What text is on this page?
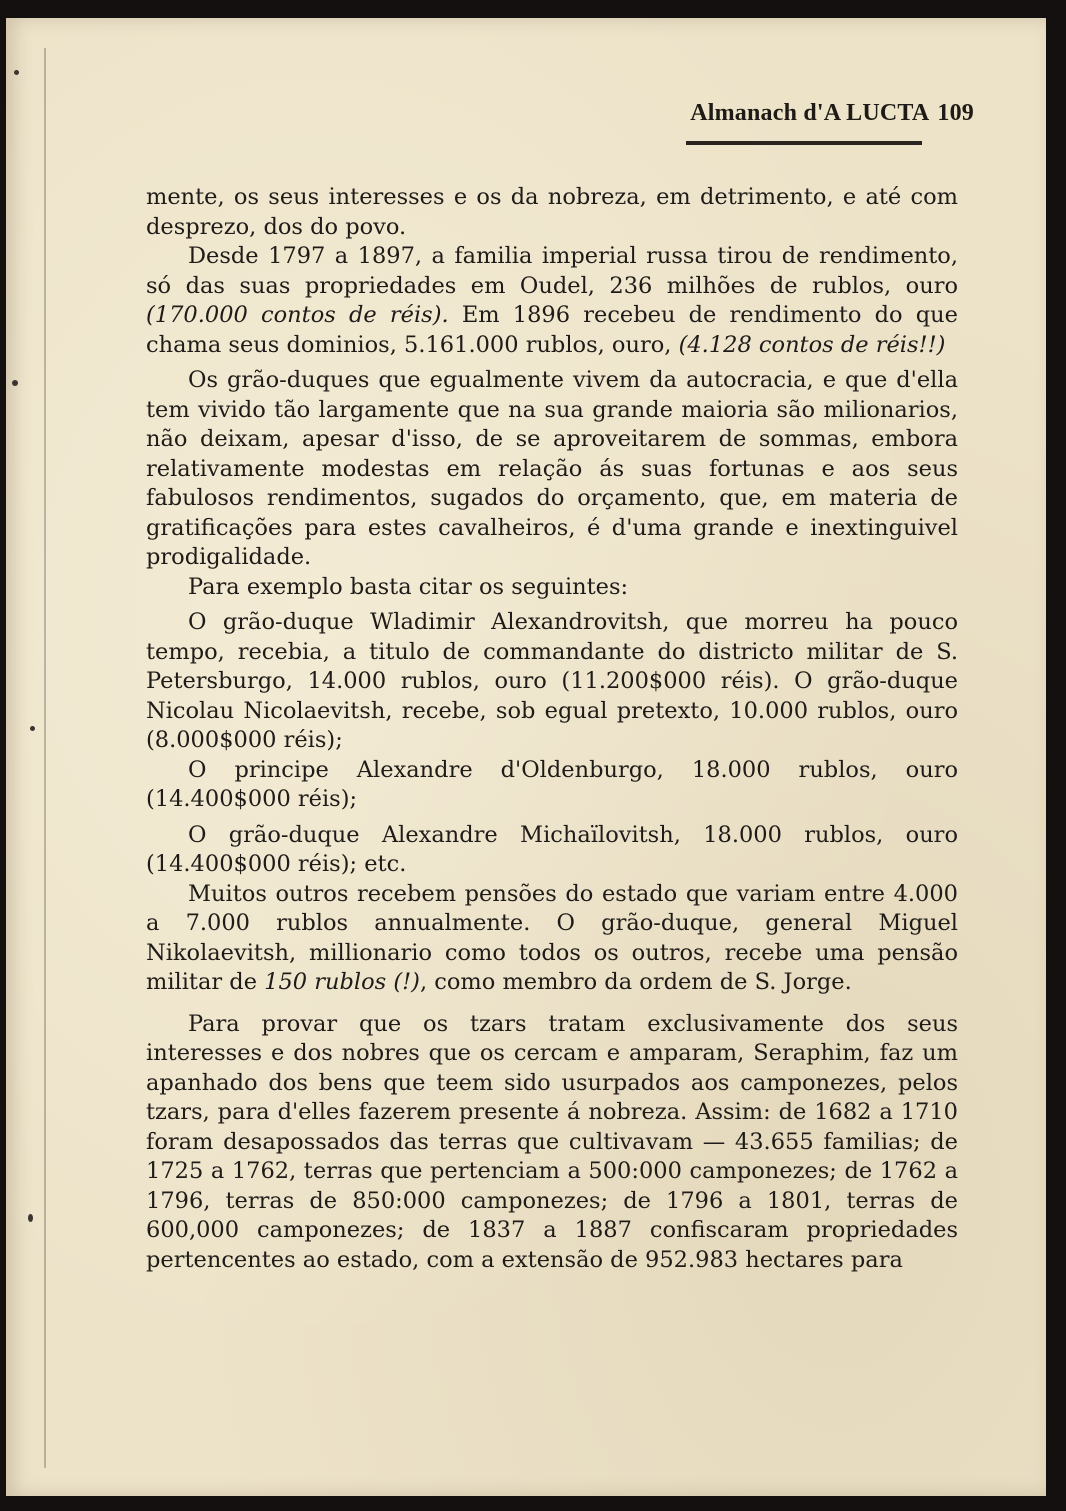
Almanach d'A LUCTA 109

mente, os seus interesses e os da nobreza, em detrimento, e até com desprezo, dos do povo.

Desde 1797 a 1897, a familia imperial russa tirou de rendimento, só das suas propriedades em Oudel, 236 milhões de rublos, ouro (170.000 contos de réis). Em 1896 recebeu de rendimento do que chama seus dominios, 5.161.000 rublos, ouro, (4.128 contos de réis!!)

Os grão-duques que egualmente vivem da autocracia, e que d'ella tem vivido tão largamente que na sua grande maioria são milionarios, não deixam, apesar d'isso, de se aproveitarem de sommas, embora relativamente modestas em relação ás suas fortunas e aos seus fabulosos rendimentos, sugados do orçamento, que, em materia de gratificações para estes cavalheiros, é d'uma grande e inextinguivel prodigalidade.

Para exemplo basta citar os seguintes:

O grão-duque Wladimir Alexandrovitsh, que morreu ha pouco tempo, recebia, a titulo de commandante do districto militar de S. Petersburgo, 14.000 rublos, ouro (11.200$000 réis). O grão-duque Nicolau Nicolaevitsh, recebe, sob egual pretexto, 10.000 rublos, ouro (8.000$000 réis);

O principe Alexandre d'Oldenburgo, 18.000 rublos, ouro (14.400$000 réis);

O grão-duque Alexandre Michaïlovitsh, 18.000 rublos, ouro (14.400$000 réis); etc.

Muitos outros recebem pensões do estado que variam entre 4.000 a 7.000 rublos annualmente. O grão-duque, general Miguel Nikolaevitsh, millionario como todos os outros, recebe uma pensão militar de 150 rublos (!), como membro da ordem de S. Jorge.

Para provar que os tzars tratam exclusivamente dos seus interesses e dos nobres que os cercam e amparam, Seraphim, faz um apanhado dos bens que teem sido usurpados aos camponezes, pelos tzars, para d'elles fazerem presente á nobreza. Assim: de 1682 a 1710 foram desapossados das terras que cultivavam — 43.655 familias; de 1725 a 1762, terras que pertenciam a 500:000 camponezes; de 1762 a 1796, terras de 850:000 camponezes; de 1796 a 1801, terras de 600,000 camponezes; de 1837 a 1887 confiscaram propriedades pertencentes ao estado, com a extensão de 952.983 hectares para
